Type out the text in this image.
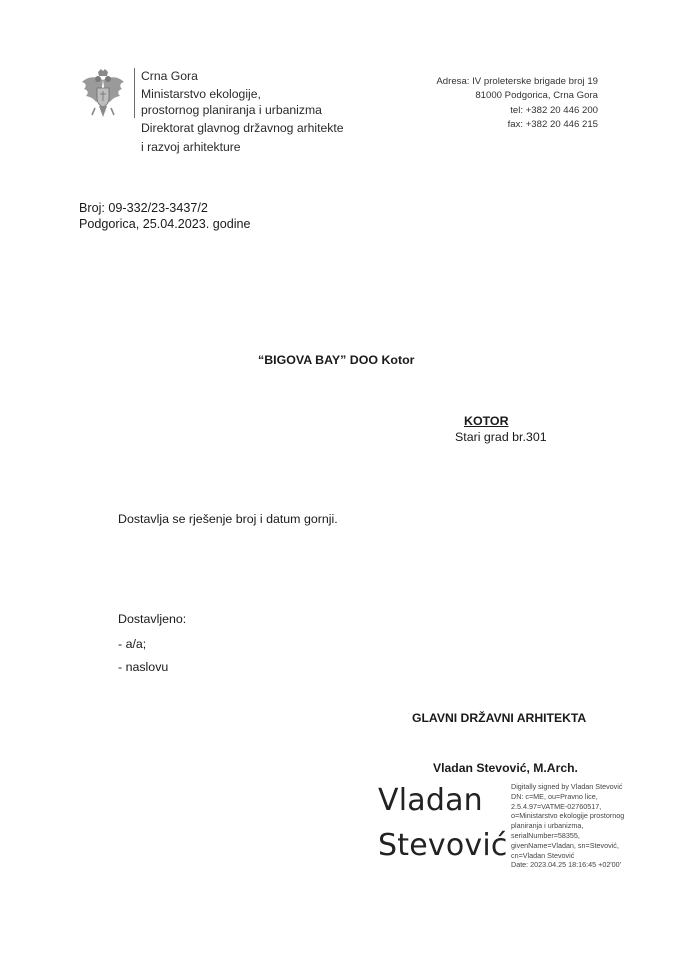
Crna Gora
Ministarstvo ekologije,
prostornog planiranja i urbanizma
Direktorat glavnog državnog arhitekte
i razvoj arhitekture
Adresa: IV proleterske brigade broj 19
81000 Podgorica, Crna Gora
tel: +382 20 446 200
fax: +382 20 446 215
Broj: 09-332/23-3437/2
Podgorica, 25.04.2023. godine
“BIGOVA BAY” DOO Kotor
KOTOR
Stari grad br.301
Dostavlja se rješenje broj i datum gornji.
Dostavljeno:
- a/a;
- naslovu
GLAVNI DRŽAVNI ARHITEKTA
Vladan Stevović, M.Arch.
Vladan
Stevović
Digitally signed by Vladan Stevović
DN: c=ME, ou=Pravno lice,
2.5.4.97=VATME-02760517,
o=Ministarstvo ekologije prostornog
planiranja i urbanizma,
serialNumber=58355,
givenName=Vladan, sn=Stevović,
cn=Vladan Stevović
Date: 2023.04.25 18:16:45 +02'00'
